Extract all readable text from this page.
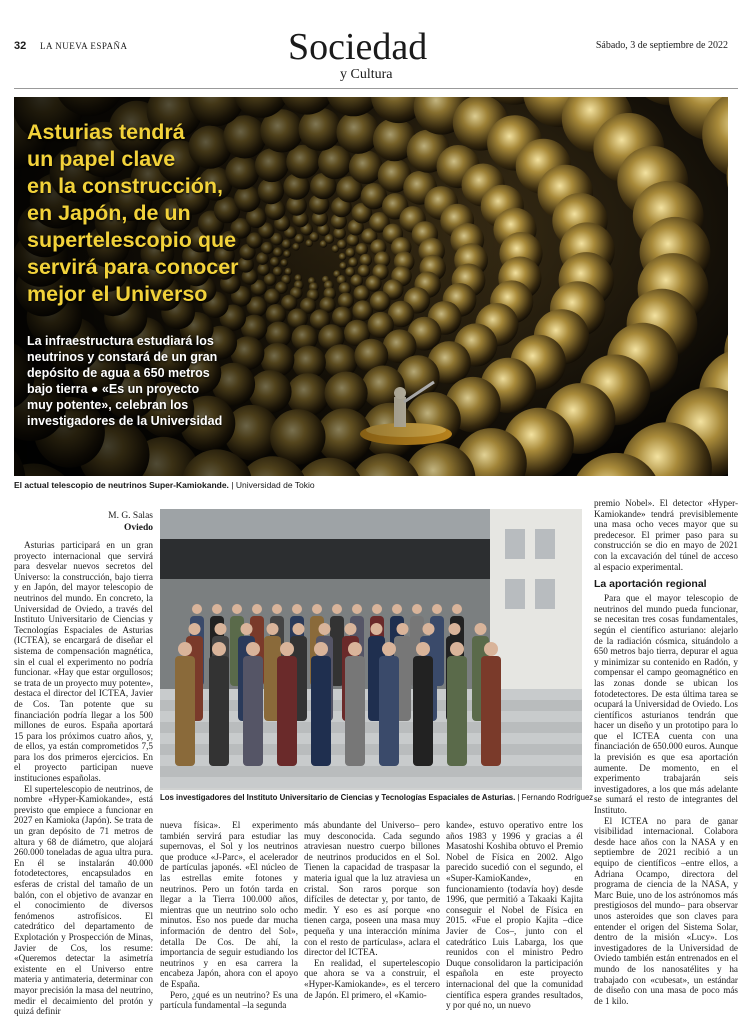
32 LA NUEVA ESPAÑA	Sociedad
y Cultura
Sábado, 3 de septiembre de 2022
Asturias tendrá
un papel clave
en la construcción,
en Japón, de un
supertelescopio que
servirá para conocer
mejor el Universo
La infraestructura estudiará los
neutrinos y constará de un gran
depósito de agua a 650 metros
bajo tierra ● «Es un proyecto
muy potente», celebran los
investigadores de la Universidad
El actual telescopio de neutrinos Super-Kamiokande. | Universidad de Tokio
M. G. Salas
Oviedo

Asturias participará en un gran proyecto internacional que servirá para desvelar nuevos secretos del Universo: la construcción, bajo tierra y en Japón, del mayor telescopio de neutrinos del mundo. En concreto, la Universidad de Oviedo, a través del Instituto Universitario de Ciencias y Tecnologías Espaciales de Asturias (ICTEA), se encargará de diseñar el sistema de compensación magnética, sin el cual el experimento no podría funcionar. «Hay que estar orgullosos; se trata de un proyecto muy potente», destaca el director del ICTEA, Javier de Cos. Tan potente que su financiación podría llegar a los 500 millones de euros. España aportará 15 para los próximos cuatro años, y, de ellos, ya están comprometidos 7,5 para los dos primeros ejercicios. En el proyecto participan nueve instituciones españolas.

El supertelescopio de neutrinos, de nombre «Hyper-Kamiokande», está previsto que empiece a funcionar en 2027 en Kamioka (Japón). Se trata de un gran depósito de 71 metros de altura y 68 de diámetro, que alojará 260.000 toneladas de agua ultra pura. En él se instalarán 40.000 fotodetectores, encapsulados en esferas de cristal del tamaño de un balón, con el objetivo de avanzar en el conocimiento de diversos fenómenos astrofísicos. El catedrático del departamento de Explotación y Prospección de Minas, Javier de Cos, los resume: «Queremos detectar la asimetría existente en el Universo entre materia y antimateria, determinar con mayor precisión la masa del neutrino, medir el decaimiento del protón y quizá definir

Los investigadores del Instituto Universitario de Ciencias y Tecnologías Espaciales de Asturias. | Fernando Rodríguez

nueva física». El experimento también servirá para estudiar las supernovas, el Sol y los neutrinos que produce «J-Parc», el acelerador de partículas japonés. «El núcleo de las estrellas emite fotones y neutrinos. Pero un fotón tarda en llegar a la Tierra 100.000 años, mientras que un neutrino solo ocho minutos. Eso nos puede dar mucha información de dentro del Sol», detalla De Cos. De ahí, la importancia de seguir estudiando los neutrinos y en esa carrera la encabeza Japón, ahora con el apoyo de España.

Pero, ¿qué es un neutrino? Es una partícula fundamental –la segunda

más abundante del Universo– pero muy desconocida. Cada segundo atraviesan nuestro cuerpo billones de neutrinos producidos en el Sol. Tienen la capacidad de traspasar la materia igual que la luz atraviesa un cristal. Son raros porque son difíciles de detectar y, por tanto, de medir. Y eso es así porque «no tienen carga, poseen una masa muy pequeña y una interacción mínima con el resto de partículas», aclara el director del ICTEA.

En realidad, el supertelescopio que ahora se va a construir, el «Hyper-Kamiokande», es el tercero de Japón. El primero, el «Kamio-

kande», estuvo operativo entre los años 1983 y 1996 y gracias a él Masatoshi Koshiba obtuvo el Premio Nobel de Física en 2002. Algo parecido sucedió con el segundo, el «Super-KamioKande», en funcionamiento (todavía hoy) desde 1996, que permitió a Takaaki Kajita conseguir el Nobel de Física en 2015. «Fue el propio Kajita –dice Javier de Cos–, junto con el catedrático Luis Labarga, los que reunidos con el ministro Pedro Duque consolidaron la participación española en este proyecto internacional del que la comunidad científica espera grandes resultados, y por qué no, un nuevo

premio Nobel». El detector «Hyper-Kamiokande» tendrá previsiblemente una masa ocho veces mayor que su predecesor. El primer paso para su construcción se dio en mayo de 2021 con la excavación del túnel de acceso al espacio experimental.

La aportación regional

Para que el mayor telescopio de neutrinos del mundo pueda funcionar, se necesitan tres cosas fundamentales, según el científico asturiano: alejarlo de la radiación cósmica, situándolo a 650 metros bajo tierra, depurar el agua y minimizar su contenido en Radón, y compensar el campo geomagnético en las zonas donde se ubican los fotodetectores. De esta última tarea se ocupará la Universidad de Oviedo. Los científicos asturianos tendrán que hacer un diseño y un prototipo para lo que el ICTEA cuenta con una financiación de 650.000 euros. Aunque la previsión es que esa aportación aumente. De momento, en el experimento trabajarán seis investigadores, a los que más adelante se sumará el resto de integrantes del Instituto.

El ICTEA no para de ganar visibilidad internacional. Colabora desde hace años con la NASA y en septiembre de 2021 recibió a un equipo de científicos –entre ellos, a Adriana Ocampo, directora del programa de ciencia de la NASA, y Marc Buie, uno de los astrónomos más prestigiosos del mundo– para observar unos asteroides que son claves para entender el origen del Sistema Solar, dentro de la misión «Lucy». Los investigadores de la Universidad de Oviedo también están entrenados en el mundo de los nanosatélites y ha trabajado con «cubesat», un estándar de diseño con una masa de poco más de 1 kilo.
